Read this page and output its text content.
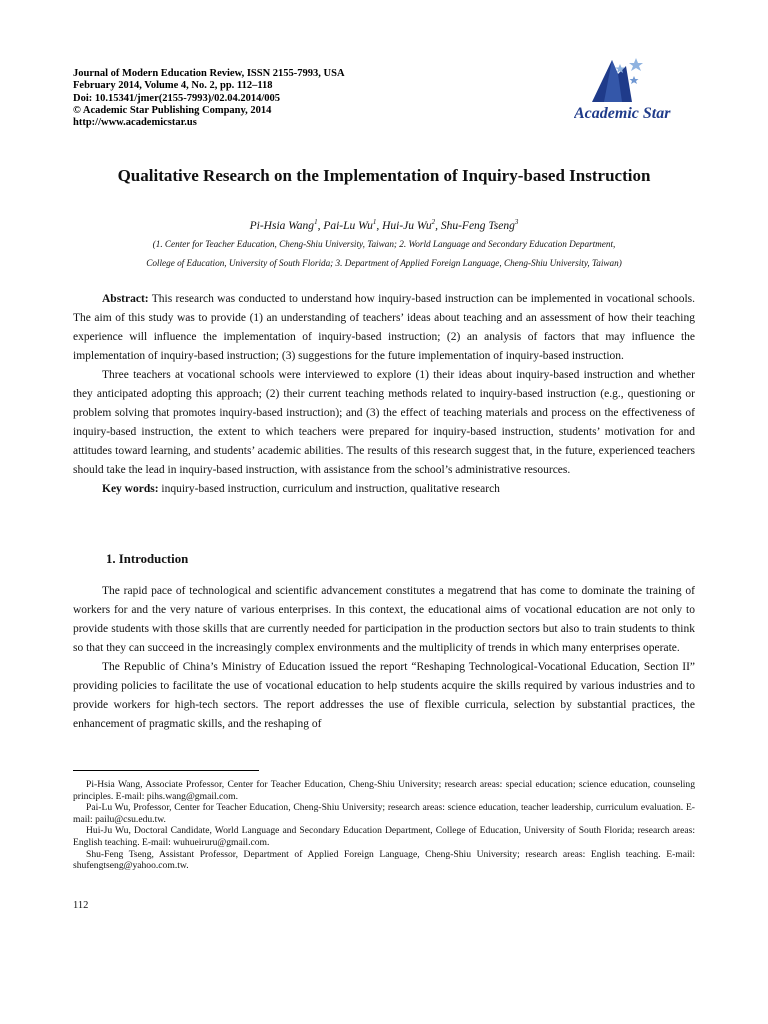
Journal of Modern Education Review, ISSN 2155-7993, USA
February 2014, Volume 4, No. 2, pp. 112–118
Doi: 10.15341/jmer(2155-7993)/02.04.2014/005
© Academic Star Publishing Company, 2014
http://www.academicstar.us
Academic Star
Qualitative Research on the Implementation of Inquiry-based Instruction
Pi-Hsia Wang$^1$, Pai-Lu Wu$^1$, Hui-Ju Wu$^2$, Shu-Feng Tseng$^3$
(1. Center for Teacher Education, Cheng-Shiu University, Taiwan; 2. World Language and Secondary Education Department,
College of Education, University of South Florida; 3. Department of Applied Foreign Language, Cheng-Shiu University, Taiwan)

Abstract: This research was conducted to understand how inquiry-based instruction can be implemented in vocational schools. The aim of this study was to provide (1) an understanding of teachers’ ideas about teaching and an assessment of how their teaching experience will influence the implementation of inquiry-based instruction; (2) an analysis of factors that may influence the implementation of inquiry-based instruction; (3) suggestions for the future implementation of inquiry-based instruction.

Three teachers at vocational schools were interviewed to explore (1) their ideas about inquiry-based instruction and whether they anticipated adopting this approach; (2) their current teaching methods related to inquiry-based instruction (e.g., questioning or problem solving that promotes inquiry-based instruction); and (3) the effect of teaching materials and process on the effectiveness of inquiry-based instruction, the extent to which teachers were prepared for inquiry-based instruction, students’ motivation for and attitudes toward learning, and students’ academic abilities. The results of this research suggest that, in the future, experienced teachers should take the lead in inquiry-based instruction, with assistance from the school’s administrative resources.

Key words: inquiry-based instruction, curriculum and instruction, qualitative research

1. Introduction

The rapid pace of technological and scientific advancement constitutes a megatrend that has come to dominate the training of workers for and the very nature of various enterprises. In this context, the educational aims of vocational education are not only to provide students with those skills that are currently needed for participation in the production sectors but also to train students to think so that they can succeed in the increasingly complex environments and the multiplicity of trends in which many enterprises operate.

The Republic of China’s Ministry of Education issued the report “Reshaping Technological-Vocational Education, Section II” providing policies to facilitate the use of vocational education to help students acquire the skills required by various industries and to provide workers for high-tech sectors. The report addresses the use of flexible curricula, selection by substantial practices, the enhancement of pragmatic skills, and the reshaping of

Pi-Hsia Wang, Associate Professor, Center for Teacher Education, Cheng-Shiu University; research areas: special education; science education, counseling principles. E-mail: pihs.wang@gmail.com.

Pai-Lu Wu, Professor, Center for Teacher Education, Cheng-Shiu University; research areas: science education, teacher leadership, curriculum evaluation. E-mail: pailu@csu.edu.tw.

Hui-Ju Wu, Doctoral Candidate, World Language and Secondary Education Department, College of Education, University of South Florida; research areas: English teaching. E-mail: wuhueiruru@gmail.com.

Shu-Feng Tseng, Assistant Professor, Department of Applied Foreign Language, Cheng-Shiu University; research areas: English teaching. E-mail: shufengtseng@yahoo.com.tw.

112
